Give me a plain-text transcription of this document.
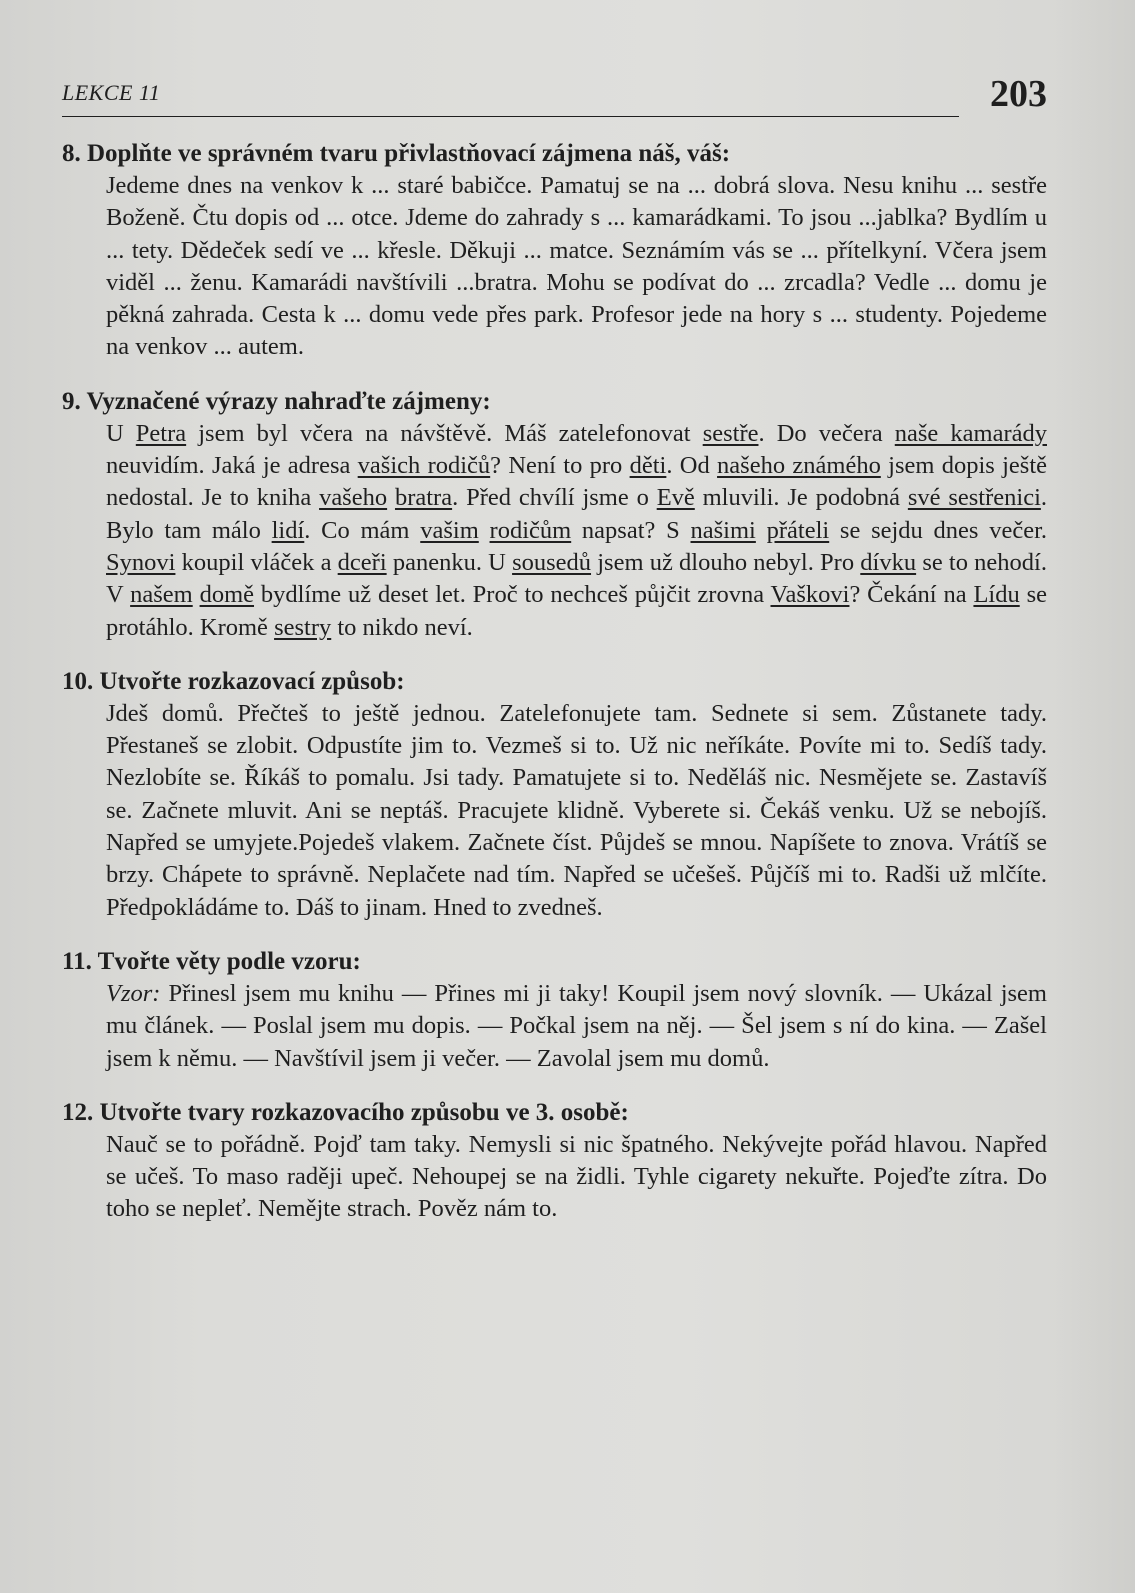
LEKCE 11	203
8. Doplňte ve správném tvaru přivlastňovací zájmena náš, váš:

Jedeme dnes na venkov k ... staré babičce. Pamatuj se na ... dobrá slova. Nesu knihu ... sestře Boženě. Čtu dopis od ... otce. Jdeme do zahrady s ... kamarádkami. To jsou ...jablka? Bydlím u ... tety. Dědeček sedí ve ... křesle. Děkuji ... matce. Seznámím vás se ... přítelkyní. Včera jsem viděl ... ženu. Kamarádi navštívili ...bratra. Mohu se podívat do ... zrcadla? Vedle ... domu je pěkná zahrada. Cesta k ... domu vede přes park. Profesor jede na hory s ... studenty. Pojedeme na venkov ... autem.

9. Vyznačené výrazy nahraďte zájmeny:

U Petra jsem byl včera na návštěvě. Máš zatelefonovat sestře. Do večera naše kamarády neuvidím. Jaká je adresa vašich rodičů? Není to pro děti. Od našeho známého jsem dopis ještě nedostal. Je to kniha vašeho bratra. Před chvílí jsme o Evě mluvili. Je podobná své sestřenici. Bylo tam málo lidí. Co mám vašim rodičům napsat? S našimi přáteli se sejdu dnes večer. Synovi koupil vláček a dceři panenku. U sousedů jsem už dlouho nebyl. Pro dívku se to nehodí. V našem domě bydlíme už deset let. Proč to nechceš půjčit zrovna Vaškovi? Čekání na Lídu se protáhlo. Kromě sestry to nikdo neví.

10. Utvořte rozkazovací způsob:

Jdeš domů. Přečteš to ještě jednou. Zatelefonujete tam. Sednete si sem. Zůstanete tady. Přestaneš se zlobit. Odpustíte jim to. Vezmeš si to. Už nic neříkáte. Povíte mi to. Sedíš tady. Nezlobíte se. Říkáš to pomalu. Jsi tady. Pamatujete si to. Neděláš nic. Nesmějete se. Zastavíš se. Začnete mluvit. Ani se neptáš. Pracujete klidně. Vyberete si. Čekáš venku. Už se nebojíš. Napřed se umyjete.Pojedeš vlakem. Začnete číst. Půjdeš se mnou. Napíšete to znova. Vrátíš se brzy. Chápete to správně. Neplačete nad tím. Napřed se učešeš. Půjčíš mi to. Radši už mlčíte. Předpokládáme to. Dáš to jinam. Hned to zvedneš.

11. Tvořte věty podle vzoru:

Vzor: Přinesl jsem mu knihu — Přines mi ji taky! Koupil jsem nový slovník. — Ukázal jsem mu článek. — Poslal jsem mu dopis. — Počkal jsem na něj. — Šel jsem s ní do kina. — Zašel jsem k němu. — Navštívil jsem ji večer. — Zavolal jsem mu domů.

12. Utvořte tvary rozkazovacího způsobu ve 3. osobě:

Nauč se to pořádně. Pojď tam taky. Nemysli si nic špatného. Nekývejte pořád hlavou. Napřed se učeš. To maso raději upeč. Nehoupej se na židli. Tyhle cigarety nekuřte. Pojeďte zítra. Do toho se nepleť. Nemějte strach. Pověz nám to.
